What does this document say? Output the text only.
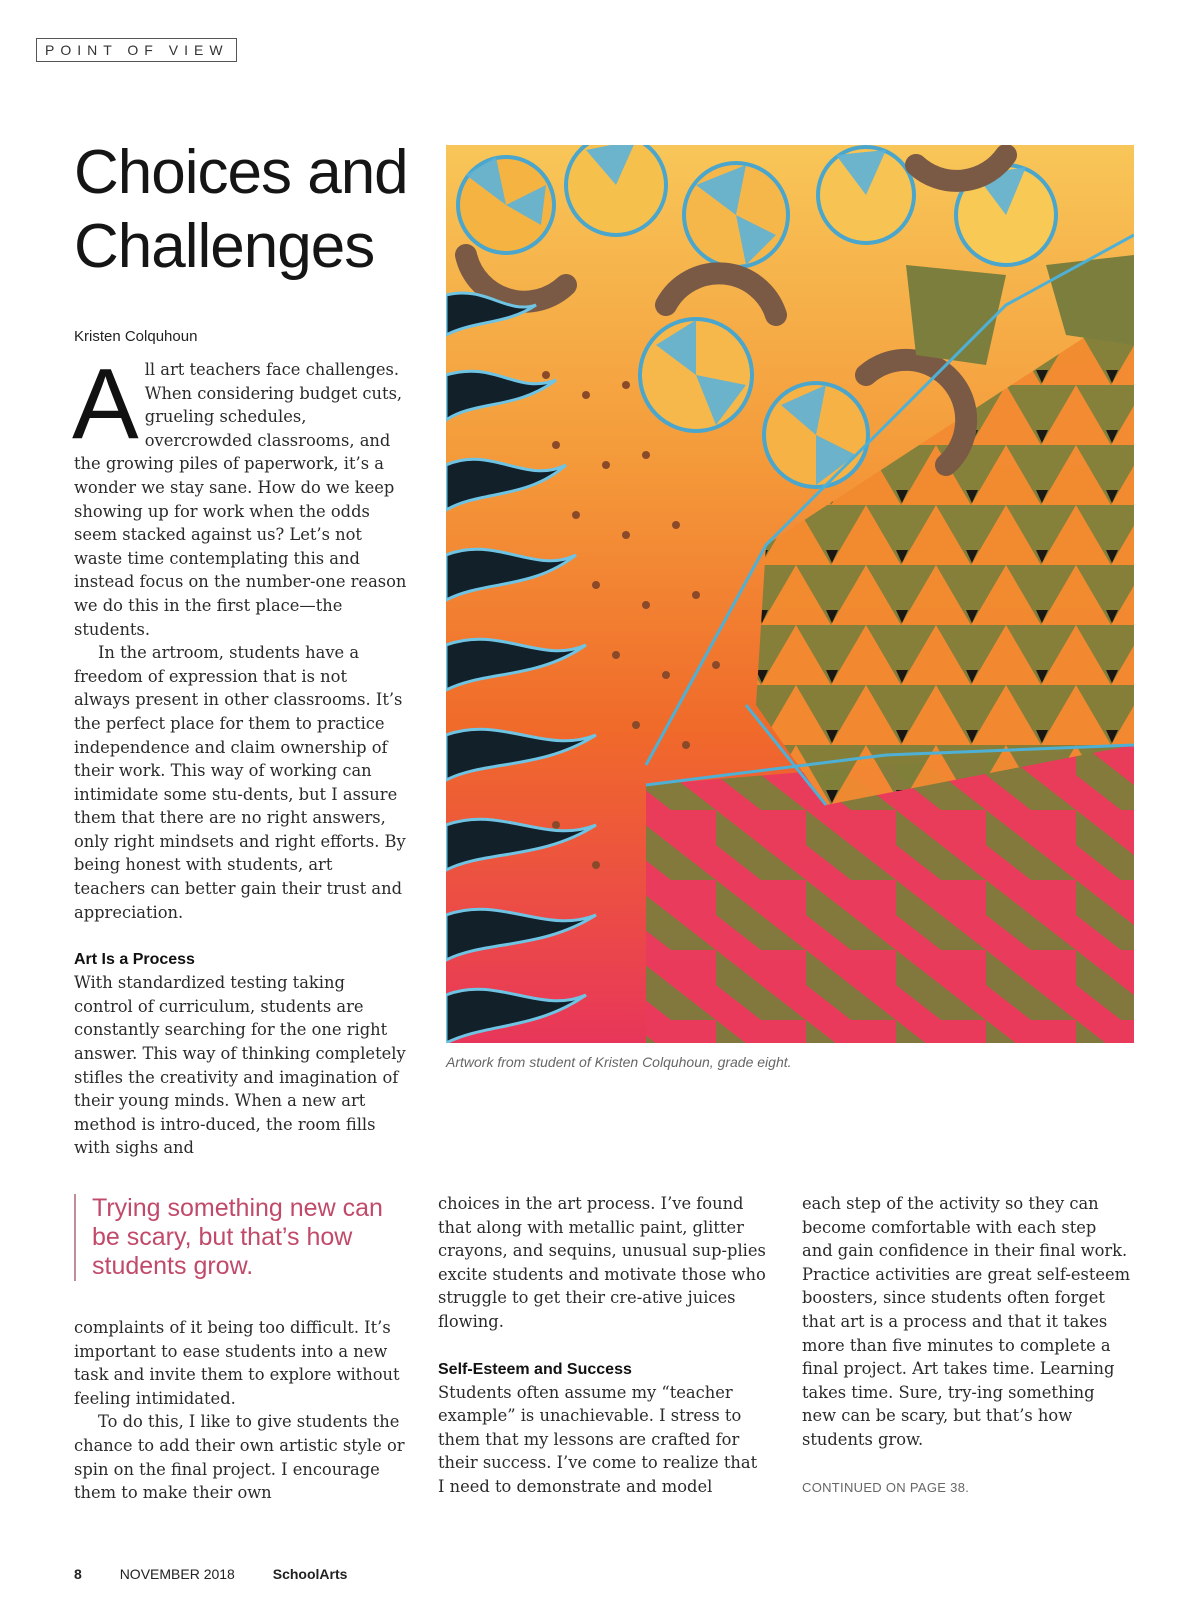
POINT OF VIEW
Choices and Challenges
Kristen Colquhoun

All art teachers face challenges. When considering budget cuts, grueling schedules, overcrowded classrooms, and the growing piles of paperwork, it’s a wonder we stay sane. How do we keep showing up for work when the odds seem stacked against us? Let’s not waste time contemplating this and instead focus on the number-one reason we do this in the first place—the students.

In the artroom, students have a freedom of expression that is not always present in other classrooms. It’s the perfect place for them to practice independence and claim ownership of their work. This way of working can intimidate some stu-dents, but I assure them that there are no right answers, only right mindsets and right efforts. By being honest with students, art teachers can better gain their trust and appreciation.

Art Is a Process

With standardized testing taking control of curriculum, students are constantly searching for the one right answer. This way of thinking completely stifles the creativity and imagination of their young minds. When a new art method is intro-duced, the room fills with sighs and

Trying something new can be scary, but that’s how students grow.

complaints of it being too difficult. It’s important to ease students into a new task and invite them to explore without feeling intimidated.

To do this, I like to give students the chance to add their own artistic style or spin on the final project. I encourage them to make their own

choices in the art process. I’ve found that along with metallic paint, glitter crayons, and sequins, unusual sup-plies excite students and motivate those who struggle to get their cre-ative juices flowing.

Self-Esteem and Success

Students often assume my “teacher example” is unachievable. I stress to them that my lessons are crafted for their success. I’ve come to realize that I need to demonstrate and model

each step of the activity so they can become comfortable with each step and gain confidence in their final work. Practice activities are great self-esteem boosters, since students often forget that art is a process and that it takes more than five minutes to complete a final project. Art takes time. Learning takes time. Sure, try-ing something new can be scary, but that’s how students grow.

CONTINUED ON PAGE 38.
Artwork from student of Kristen Colquhoun, grade eight.
8	NOVEMBER 2018	SchoolArts
